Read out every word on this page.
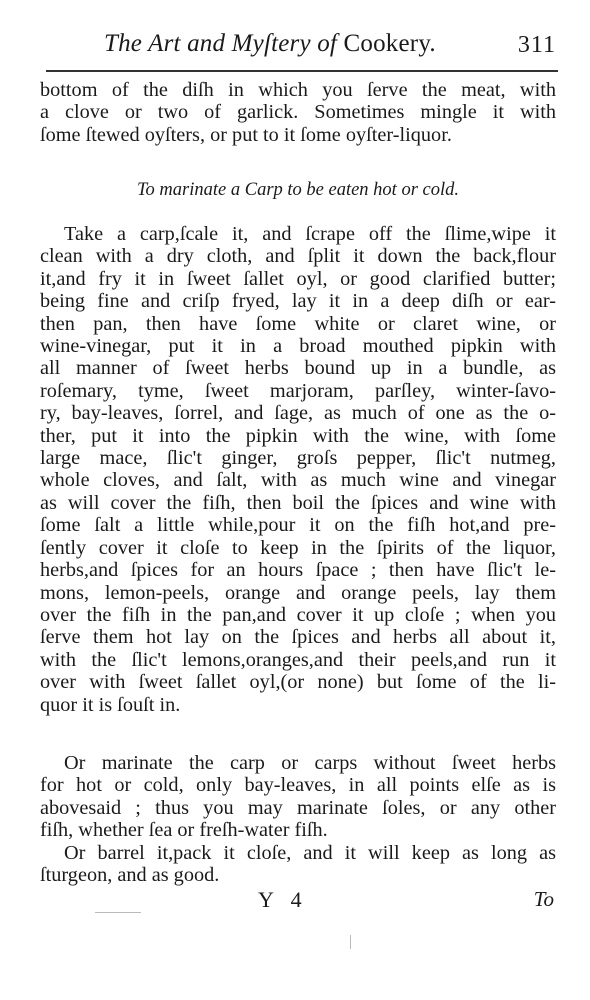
The Art and Myſtery of Cookery.	311
bottom of the diſh in which you ſerve the meat, with
a clove or two of garlick. Sometimes mingle it with
ſome ſtewed oyſters, or put to it ſome oyſter-liquor.
To marinate a Carp to be eaten hot or cold.
Take a carp,ſcale it, and ſcrape off the ſlime,wipe it
clean with a dry cloth, and ſplit it down the back,flour
it,and fry it in ſweet ſallet oyl, or good clarified butter;
being fine and criſp fryed, lay it in a deep diſh or ear-
then pan, then have ſome white or claret wine, or
wine-vinegar, put it in a broad mouthed pipkin with
all manner of ſweet herbs bound up in a bundle, as
roſemary, tyme, ſweet marjoram, parſley, winter-ſavo-
ry, bay-leaves, ſorrel, and ſage, as much of one as the o-
ther, put it into the pipkin with the wine, with ſome
large mace, ſlic't ginger, groſs pepper, ſlic't nutmeg,
whole cloves, and ſalt, with as much wine and vinegar
as will cover the fiſh, then boil the ſpices and wine with
ſome ſalt a little while,pour it on the fiſh hot,and pre-
ſently cover it cloſe to keep in the ſpirits of the liquor,
herbs,and ſpices for an hours ſpace ; then have ſlic't le-
mons, lemon-peels, orange and orange peels, lay them
over the fiſh in the pan,and cover it up cloſe ; when you
ſerve them hot lay on the ſpices and herbs all about it,
with the ſlic't lemons,oranges,and their peels,and run it
over with ſweet ſallet oyl,(or none) but ſome of the li-
quor it is ſouſt in.
Or marinate the carp or carps without ſweet herbs
for hot or cold, only bay-leaves, in all points elſe as is
abovesaid ; thus you may marinate ſoles, or any other
fiſh, whether ſea or freſh-water fiſh.
Or barrel it,pack it cloſe, and it will keep as long as
ſturgeon, and as good.
Y 4	To
